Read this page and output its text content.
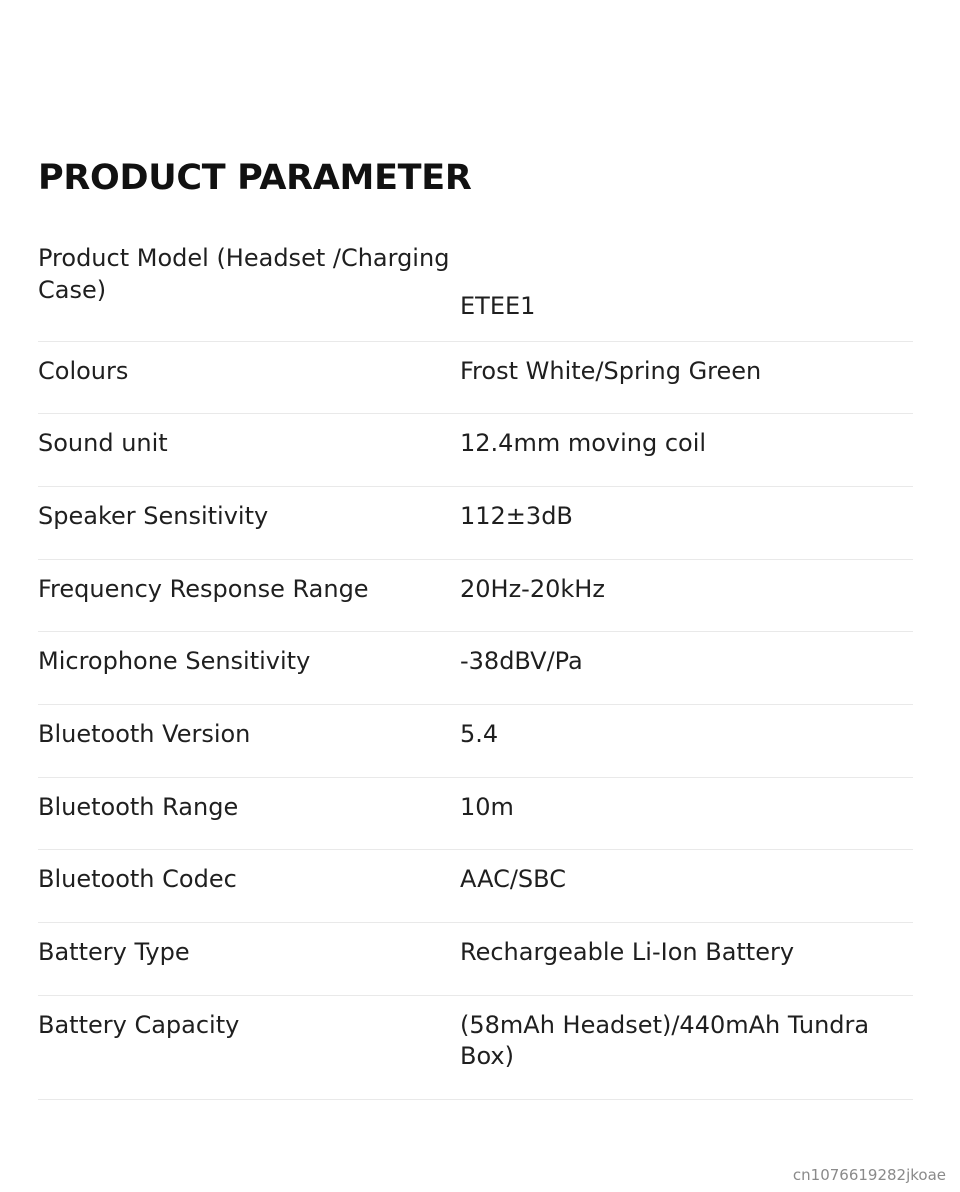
PRODUCT PARAMETER
Product Model (Headset /Charging Case)	ETEE1
Colours	Frost White/Spring Green
Sound unit	12.4mm moving coil
Speaker Sensitivity	112±3dB
Frequency Response Range	20Hz-20kHz
Microphone Sensitivity	-38dBV/Pa
Bluetooth Version	5.4
Bluetooth Range	10m
Bluetooth Codec	AAC/SBC
Battery Type	Rechargeable Li-Ion Battery
Battery Capacity	(58mAh Headset)/440mAh Tundra Box)
cn1076619282jkoae
